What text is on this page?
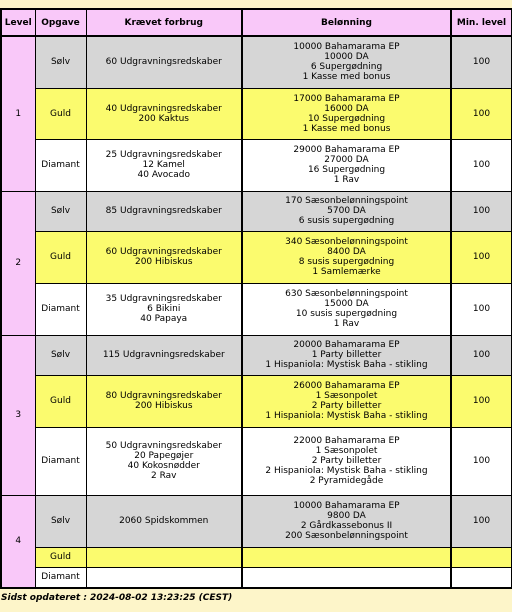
Level	Opgave	Krævet forbrug	Belønning	Min. level
1	Sølv	60 Udgravningsredskaber	10000 Bahamarama EP
10000 DA
6 Supergødning
1 Kasse med bonus	100
	Guld	40 Udgravningsredskaber
200 Kaktus	17000 Bahamarama EP
16000 DA
10 Supergødning
1 Kasse med bonus	100
	Diamant	25 Udgravningsredskaber
12 Kamel
40 Avocado	29000 Bahamarama EP
27000 DA
16 Supergødning
1 Rav	100
2	Sølv	85 Udgravningsredskaber	170 Sæsonbelønningspoint
5700 DA
6 susis supergødning	100
	Guld	60 Udgravningsredskaber
200 Hibiskus	340 Sæsonbelønningspoint
8400 DA
8 susis supergødning
1 Samlemærke	100
	Diamant	35 Udgravningsredskaber
6 Bikini
40 Papaya	630 Sæsonbelønningspoint
15000 DA
10 susis supergødning
1 Rav	100
3	Sølv	115 Udgravningsredskaber	20000 Bahamarama EP
1 Party billetter
1 Hispaniola: Mystisk Baha - stikling	100
	Guld	80 Udgravningsredskaber
200 Hibiskus	26000 Bahamarama EP
1 Sæsonpolet
2 Party billetter
1 Hispaniola: Mystisk Baha - stikling	100
	Diamant	50 Udgravningsredskaber
20 Papegøjer
40 Kokosnødder
2 Rav	22000 Bahamarama EP
1 Sæsonpolet
2 Party billetter
2 Hispaniola: Mystisk Baha - stikling
2 Pyramidegåde	100
4	Sølv	2060 Spidskommen	10000 Bahamarama EP
9800 DA
2 Gårdkassebonus II
200 Sæsonbelønningspoint	100
	Guld			
	Diamant			
Sidst opdateret : 2024-08-02 13:23:25 (CEST)
